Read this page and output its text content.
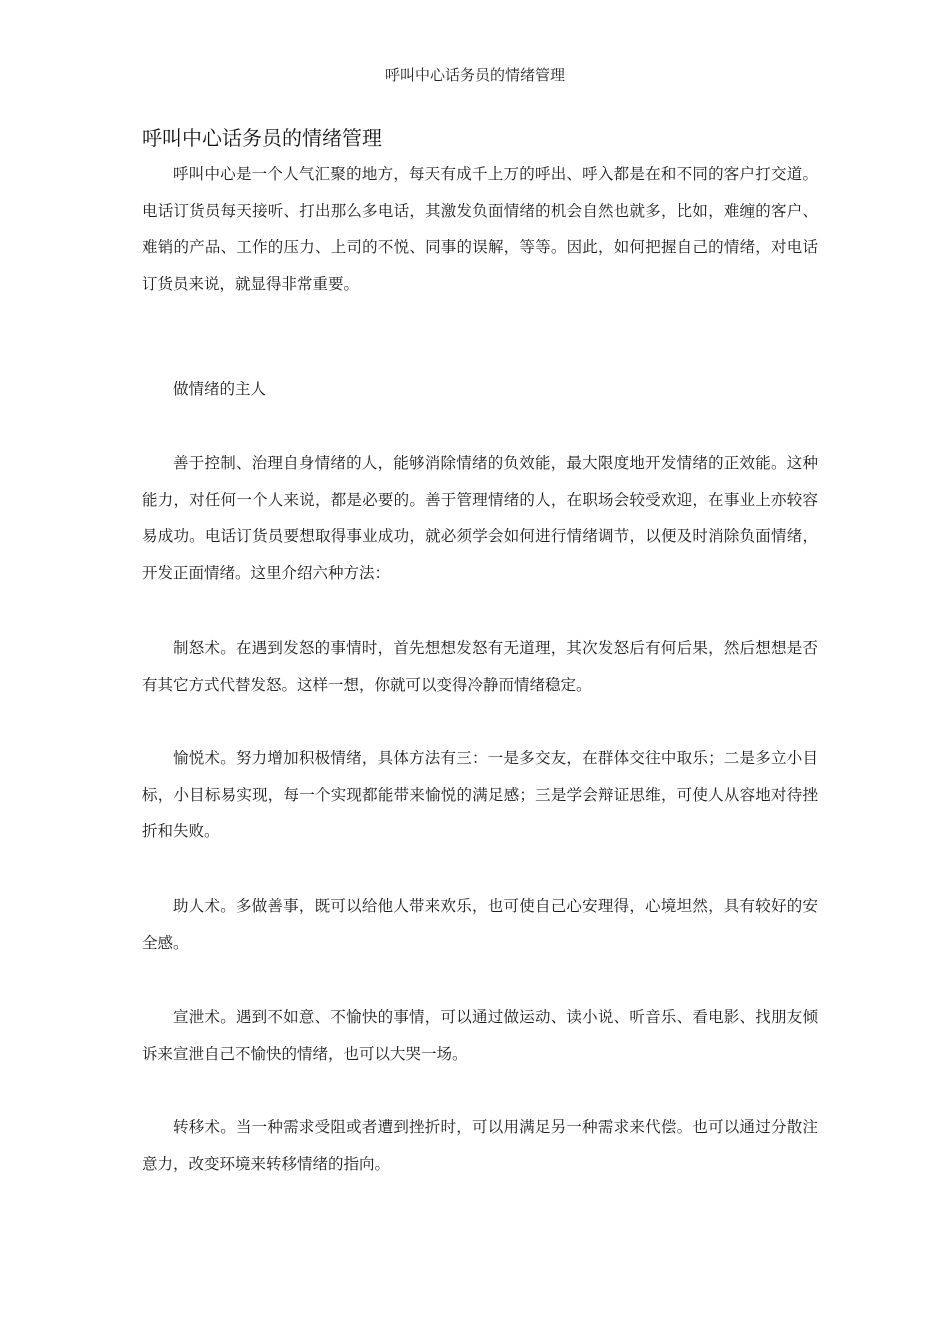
呼叫中心话务员的情绪管理
呼叫中心话务员的情绪管理

呼叫中心是一个人气汇聚的地方，每天有成千上万的呼出、呼入都是在和不同的客户打交道。电话订货员每天接听、打出那么多电话，其激发负面情绪的机会自然也就多，比如，难缠的客户、难销的产品、工作的压力、上司的不悦、同事的误解，等等。因此，如何把握自己的情绪，对电话订货员来说，就显得非常重要。

做情绪的主人

善于控制、治理自身情绪的人，能够消除情绪的负效能，最大限度地开发情绪的正效能。这种能力，对任何一个人来说，都是必要的。善于管理情绪的人，在职场会较受欢迎，在事业上亦较容易成功。电话订货员要想取得事业成功，就必须学会如何进行情绪调节，以便及时消除负面情绪，开发正面情绪。这里介绍六种方法：

制怒术。在遇到发怒的事情时，首先想想发怒有无道理，其次发怒后有何后果，然后想想是否有其它方式代替发怒。这样一想，你就可以变得冷静而情绪稳定。

愉悦术。努力增加积极情绪，具体方法有三：一是多交友，在群体交往中取乐；二是多立小目标，小目标易实现，每一个实现都能带来愉悦的满足感；三是学会辩证思维，可使人从容地对待挫折和失败。

助人术。多做善事，既可以给他人带来欢乐，也可使自己心安理得，心境坦然，具有较好的安全感。

宣泄术。遇到不如意、不愉快的事情，可以通过做运动、读小说、听音乐、看电影、找朋友倾诉来宣泄自己不愉快的情绪，也可以大哭一场。

转移术。当一种需求受阻或者遭到挫折时，可以用满足另一种需求来代偿。也可以通过分散注意力，改变环境来转移情绪的指向。
